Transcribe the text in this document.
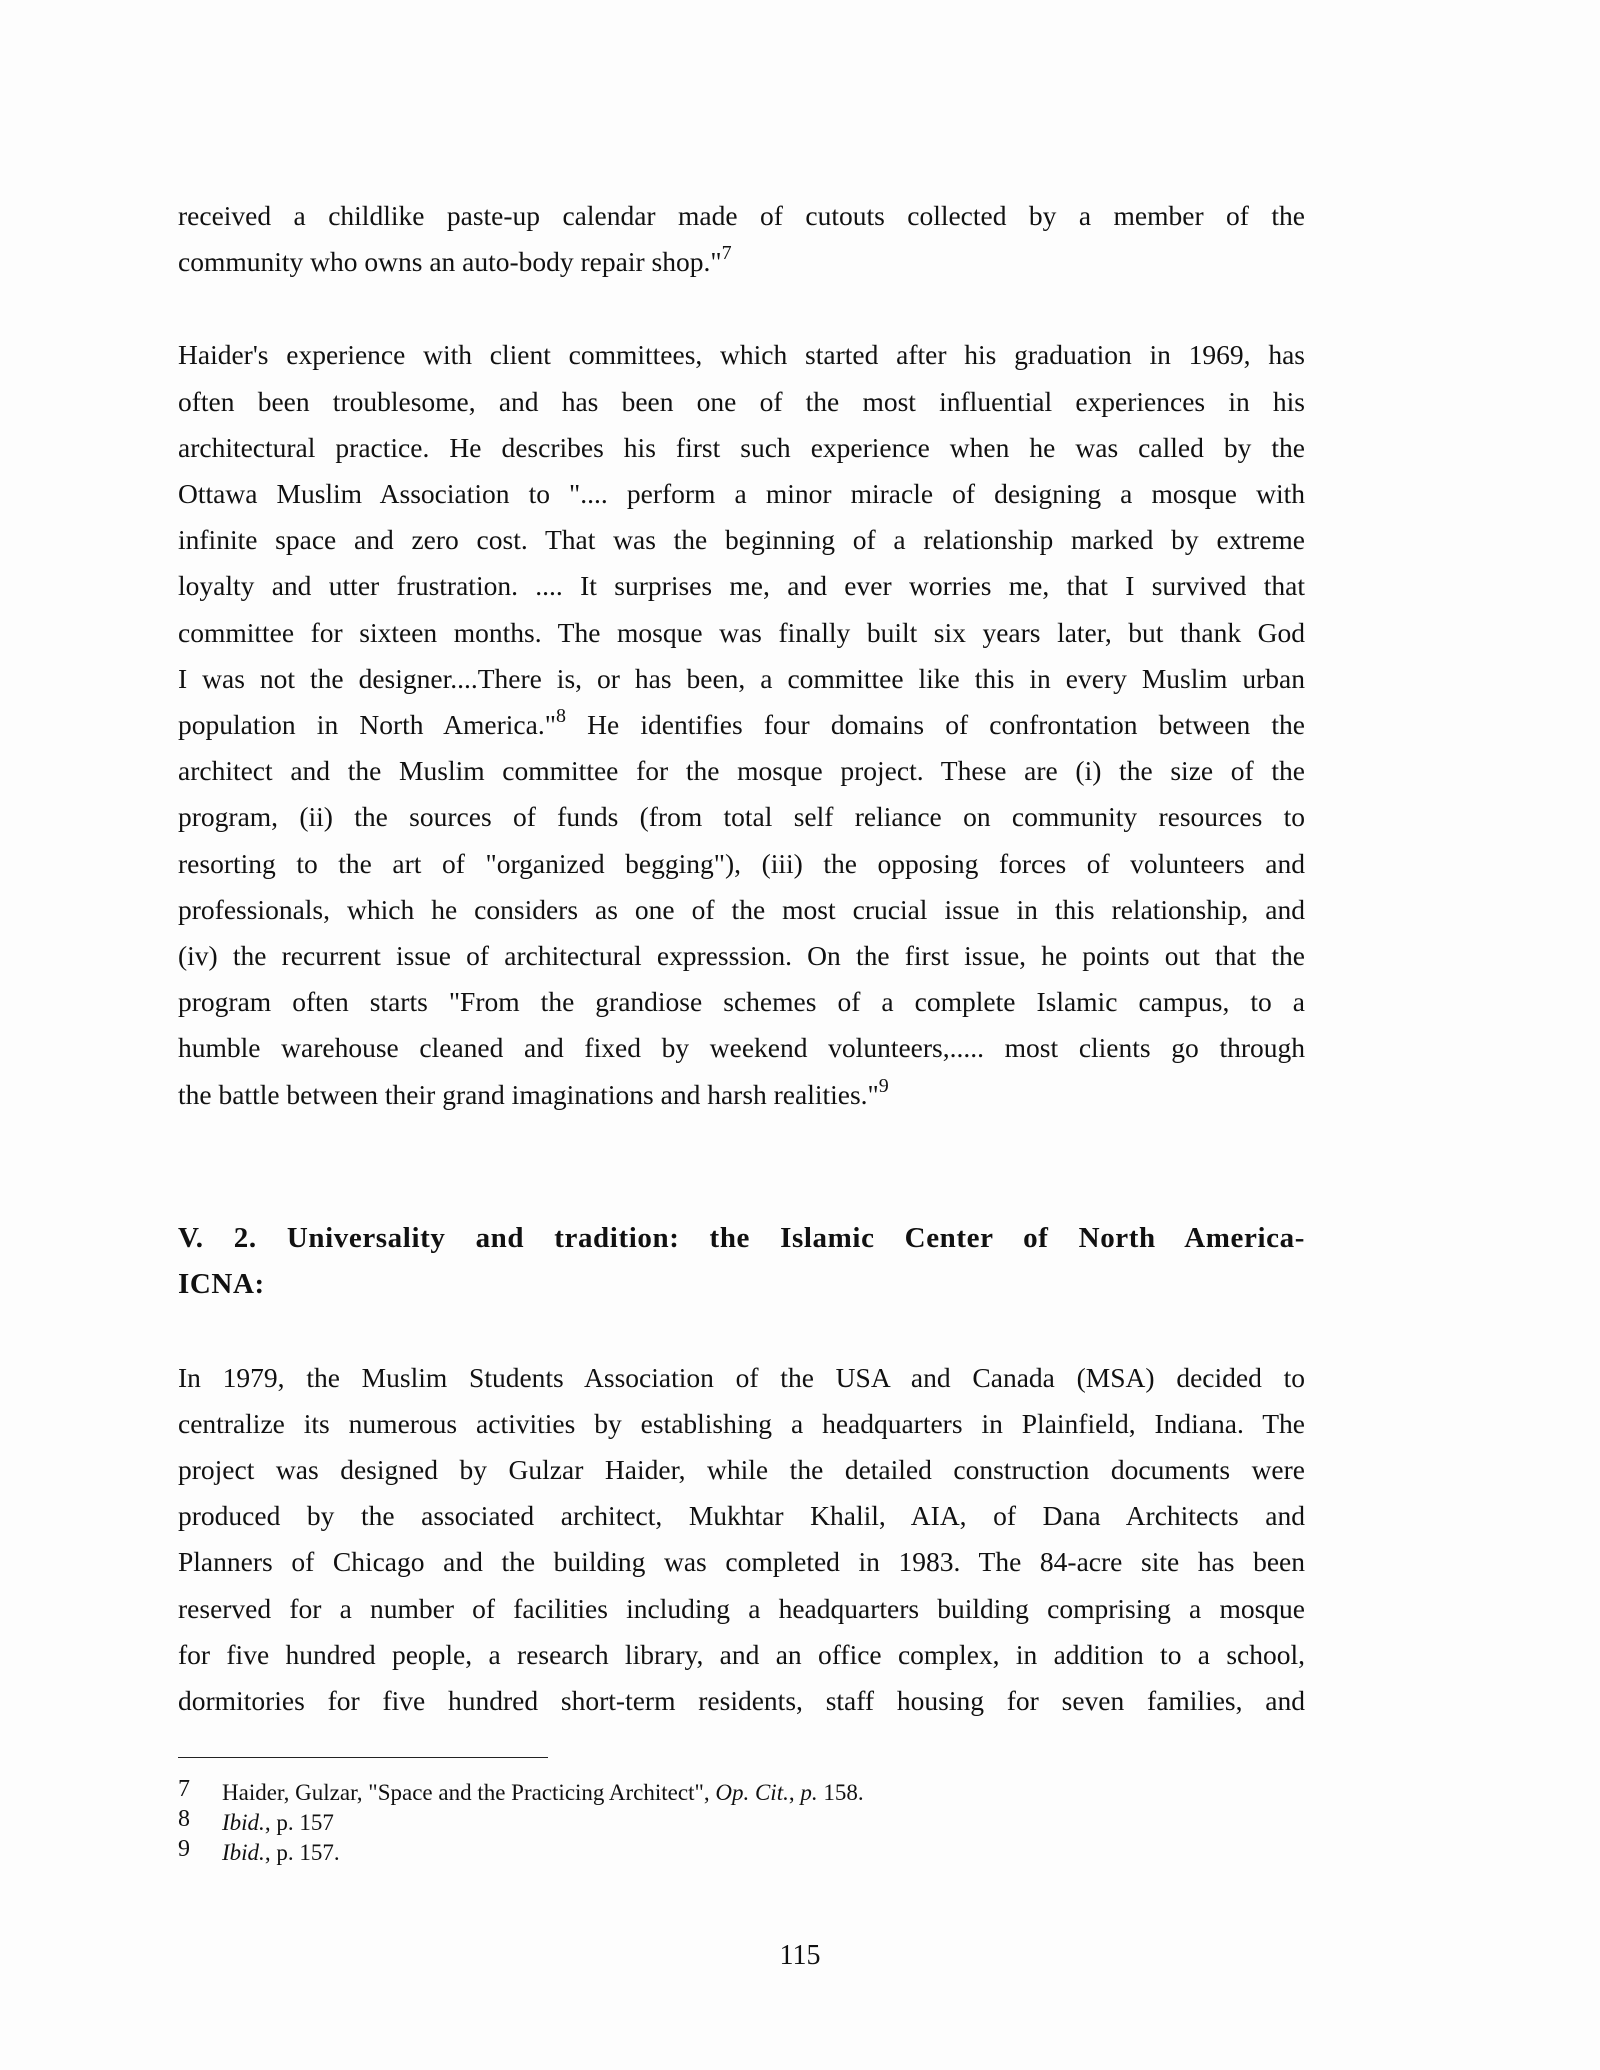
received a childlike paste-up calendar made of cutouts collected by a member of the
community who owns an auto-body repair shop."$^7$
Haider's experience with client committees, which started after his graduation in 1969, has
often been troublesome, and has been one of the most influential experiences in his
architectural practice. He describes his first such experience when he was called by the
Ottawa Muslim Association to ".... perform a minor miracle of designing a mosque with
infinite space and zero cost. That was the beginning of a relationship marked by extreme
loyalty and utter frustration. .... It surprises me, and ever worries me, that I survived that
committee for sixteen months. The mosque was finally built six years later, but thank God
I was not the designer....There is, or has been, a committee like this in every Muslim urban
population in North America."$^8$ He identifies four domains of confrontation between the
architect and the Muslim committee for the mosque project. These are (i) the size of the
program, (ii) the sources of funds (from total self reliance on community resources to
resorting to the art of "organized begging"), (iii) the opposing forces of volunteers and
professionals, which he considers as one of the most crucial issue in this relationship, and
(iv) the recurrent issue of architectural expresssion. On the first issue, he points out that the
program often starts "From the grandiose schemes of a complete Islamic campus, to a
humble warehouse cleaned and fixed by weekend volunteers,..... most clients go through
the battle between their grand imaginations and harsh realities."$^9$
V. 2. Universality and tradition: the Islamic Center of North America-
ICNA:
In 1979, the Muslim Students Association of the USA and Canada (MSA) decided to
centralize its numerous activities by establishing a headquarters in Plainfield, Indiana. The
project was designed by Gulzar Haider, while the detailed construction documents were
produced by the associated architect, Mukhtar Khalil, AIA, of Dana Architects and
Planners of Chicago and the building was completed in 1983. The 84-acre site has been
reserved for a number of facilities including a headquarters building comprising a mosque
for five hundred people, a research library, and an office complex, in addition to a school,
dormitories for five hundred short-term residents, staff housing for seven families, and
7 Haider, Gulzar, "Space and the Practicing Architect", Op. Cit., p. 158.
8 Ibid., p. 157
9 Ibid., p. 157.
115
